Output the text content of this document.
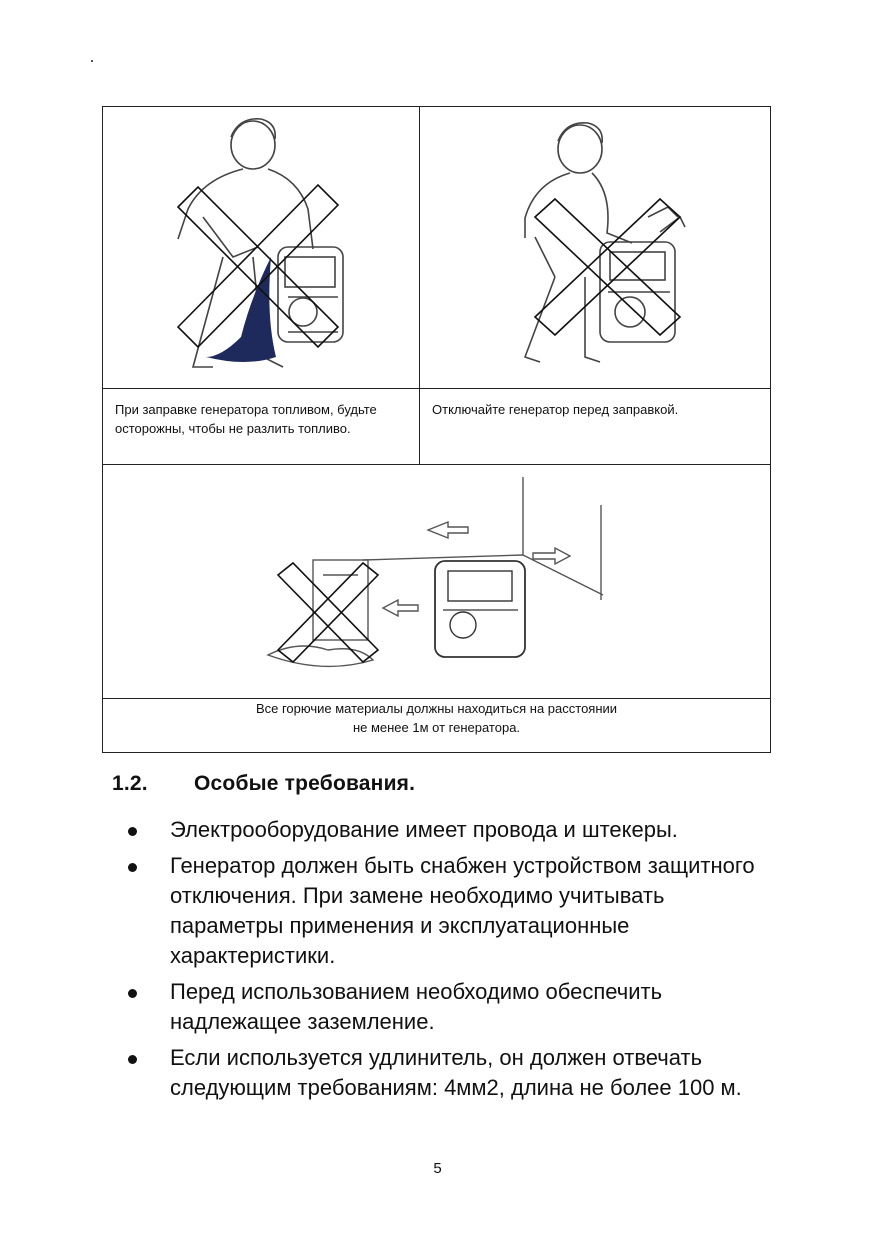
При заправке генератора топливом, будьте осторожны, чтобы не разлить топливо.	Отключайте генератор перед заправкой.

Все горючие материалы должны находиться на расстоянии
не менее 1м от генератора.	
1.2. Особые требования.
Электрооборудование имеет провода и штекеры.
Генератор должен быть снабжен устройством защитного отключения. При замене необходимо учитывать параметры применения и эксплуатационные характеристики.
Перед использованием необходимо обеспечить надлежащее заземление.
Если используется удлинитель, он должен отвечать следующим требованиям: 4мм2, длина не более 100 м.
5
